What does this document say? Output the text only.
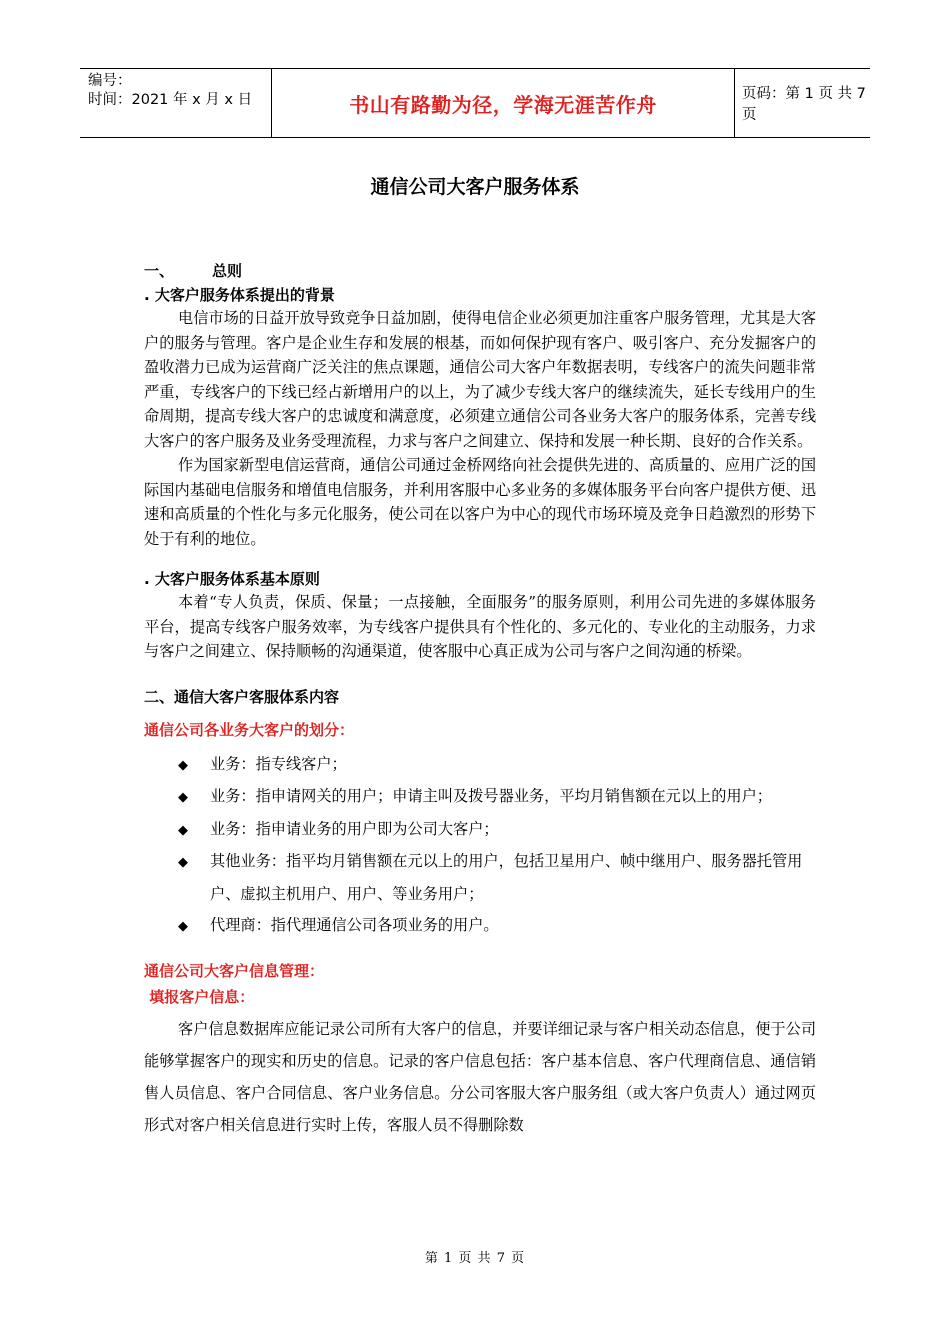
编号：
时间：2021 年 x 月 x 日	书山有路勤为径，学海无涯苦作舟	页码：第 1 页 共 7 页
通信公司大客户服务体系
一、	总则
. 大客户服务体系提出的背景

电信市场的日益开放导致竞争日益加剧，使得电信企业必须更加注重客户服务管理，尤其是大客户的服务与管理。客户是企业生存和发展的根基，而如何保护现有客户、吸引客户、充分发掘客户的盈收潜力已成为运营商广泛关注的焦点课题，通信公司大客户年数据表明，专线客户的流失问题非常严重，专线客户的下线已经占新增用户的以上，为了减少专线大客户的继续流失，延长专线用户的生命周期，提高专线大客户的忠诚度和满意度，必须建立通信公司各业务大客户的服务体系，完善专线大客户的客户服务及业务受理流程，力求与客户之间建立、保持和发展一种长期、良好的合作关系。

作为国家新型电信运营商，通信公司通过金桥网络向社会提供先进的、高质量的、应用广泛的国际国内基础电信服务和增值电信服务，并利用客服中心多业务的多媒体服务平台向客户提供方便、迅速和高质量的个性化与多元化服务，使公司在以客户为中心的现代市场环境及竞争日趋激烈的形势下处于有利的地位。

. 大客户服务体系基本原则

本着“专人负责，保质、保量；一点接触，全面服务”的服务原则，利用公司先进的多媒体服务平台，提高专线客户服务效率，为专线客户提供具有个性化的、多元化的、专业化的主动服务，力求与客户之间建立、保持顺畅的沟通渠道，使客服中心真正成为公司与客户之间沟通的桥梁。

二、通信大客户客服体系内容
通信公司各业务大客户的划分：
◆ 业务：指专线客户；
◆ 业务：指申请网关的用户；申请主叫及拨号器业务，平均月销售额在元以上的用户；
◆ 业务：指申请业务的用户即为公司大客户；
◆ 其他业务：指平均月销售额在元以上的用户，包括卫星用户、帧中继用户、服务器托管用户、虚拟主机用户、用户、等业务用户；
◆ 代理商：指代理通信公司各项业务的用户。
通信公司大客户信息管理：
填报客户信息：

客户信息数据库应能记录公司所有大客户的信息，并要详细记录与客户相关动态信息，便于公司能够掌握客户的现实和历史的信息。记录的客户信息包括：客户基本信息、客户代理商信息、通信销售人员信息、客户合同信息、客户业务信息。分公司客服大客户服务组（或大客户负责人）通过网页形式对客户相关信息进行实时上传，客服人员不得删除数

第 1 页 共 7 页
